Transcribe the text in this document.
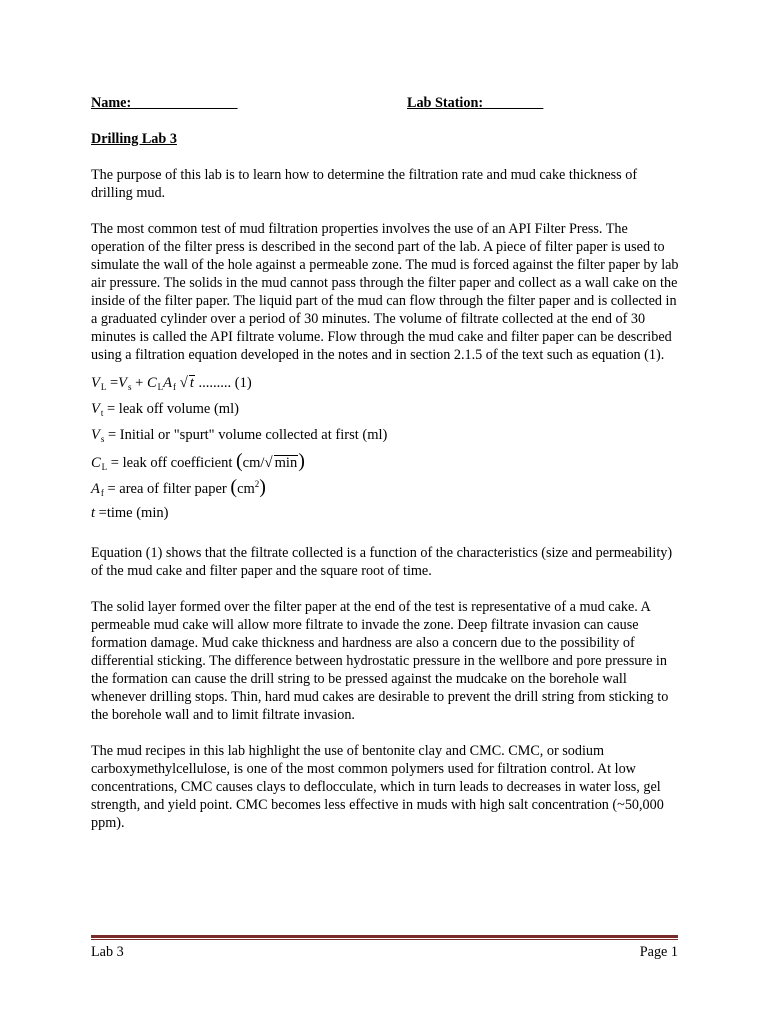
Name:	Lab Station:
Drilling Lab 3

The purpose of this lab is to learn how to determine the filtration rate and mud cake thickness of drilling mud.

The most common test of mud filtration properties involves the use of an API Filter Press. The operation of the filter press is described in the second part of the lab. A piece of filter paper is used to simulate the wall of the hole against a permeable zone. The mud is forced against the filter paper by lab air pressure. The solids in the mud cannot pass through the filter paper and collect as a wall cake on the inside of the filter paper. The liquid part of the mud can flow through the filter paper and is collected in a graduated cylinder over a period of 30 minutes. The volume of filtrate collected at the end of 30 minutes is called the API filtrate volume. Flow through the mud cake and filter paper can be described using a filtration equation developed in the notes and in section 2.1.5 of the text such as equation (1).

$V_L =V_s + C_LA_f$ √ t ......... (1)
$V_t$ = leak off volume (ml)
$V_s$ = Initial or "spurt" volume collected at first (ml)
$C_L$ = leak off coefficient (cm/√ min)
$A_f$ = area of filter paper $(cm^2)$
t =time (min)

Equation (1) shows that the filtrate collected is a function of the characteristics (size and permeability) of the mud cake and filter paper and the square root of time.

The solid layer formed over the filter paper at the end of the test is representative of a mud cake. A permeable mud cake will allow more filtrate to invade the zone. Deep filtrate invasion can cause formation damage. Mud cake thickness and hardness are also a concern due to the possibility of differential sticking. The difference between hydrostatic pressure in the wellbore and pore pressure in the formation can cause the drill string to be pressed against the mudcake on the borehole wall whenever drilling stops. Thin, hard mud cakes are desirable to prevent the drill string from sticking to the borehole wall and to limit filtrate invasion.

The mud recipes in this lab highlight the use of bentonite clay and CMC. CMC, or sodium carboxymethylcellulose, is one of the most common polymers used for filtration control. At low concentrations, CMC causes clays to deflocculate, which in turn leads to decreases in water loss, gel strength, and yield point. CMC becomes less effective in muds with high salt concentration (~50,000 ppm).

Lab 3	Page 1
